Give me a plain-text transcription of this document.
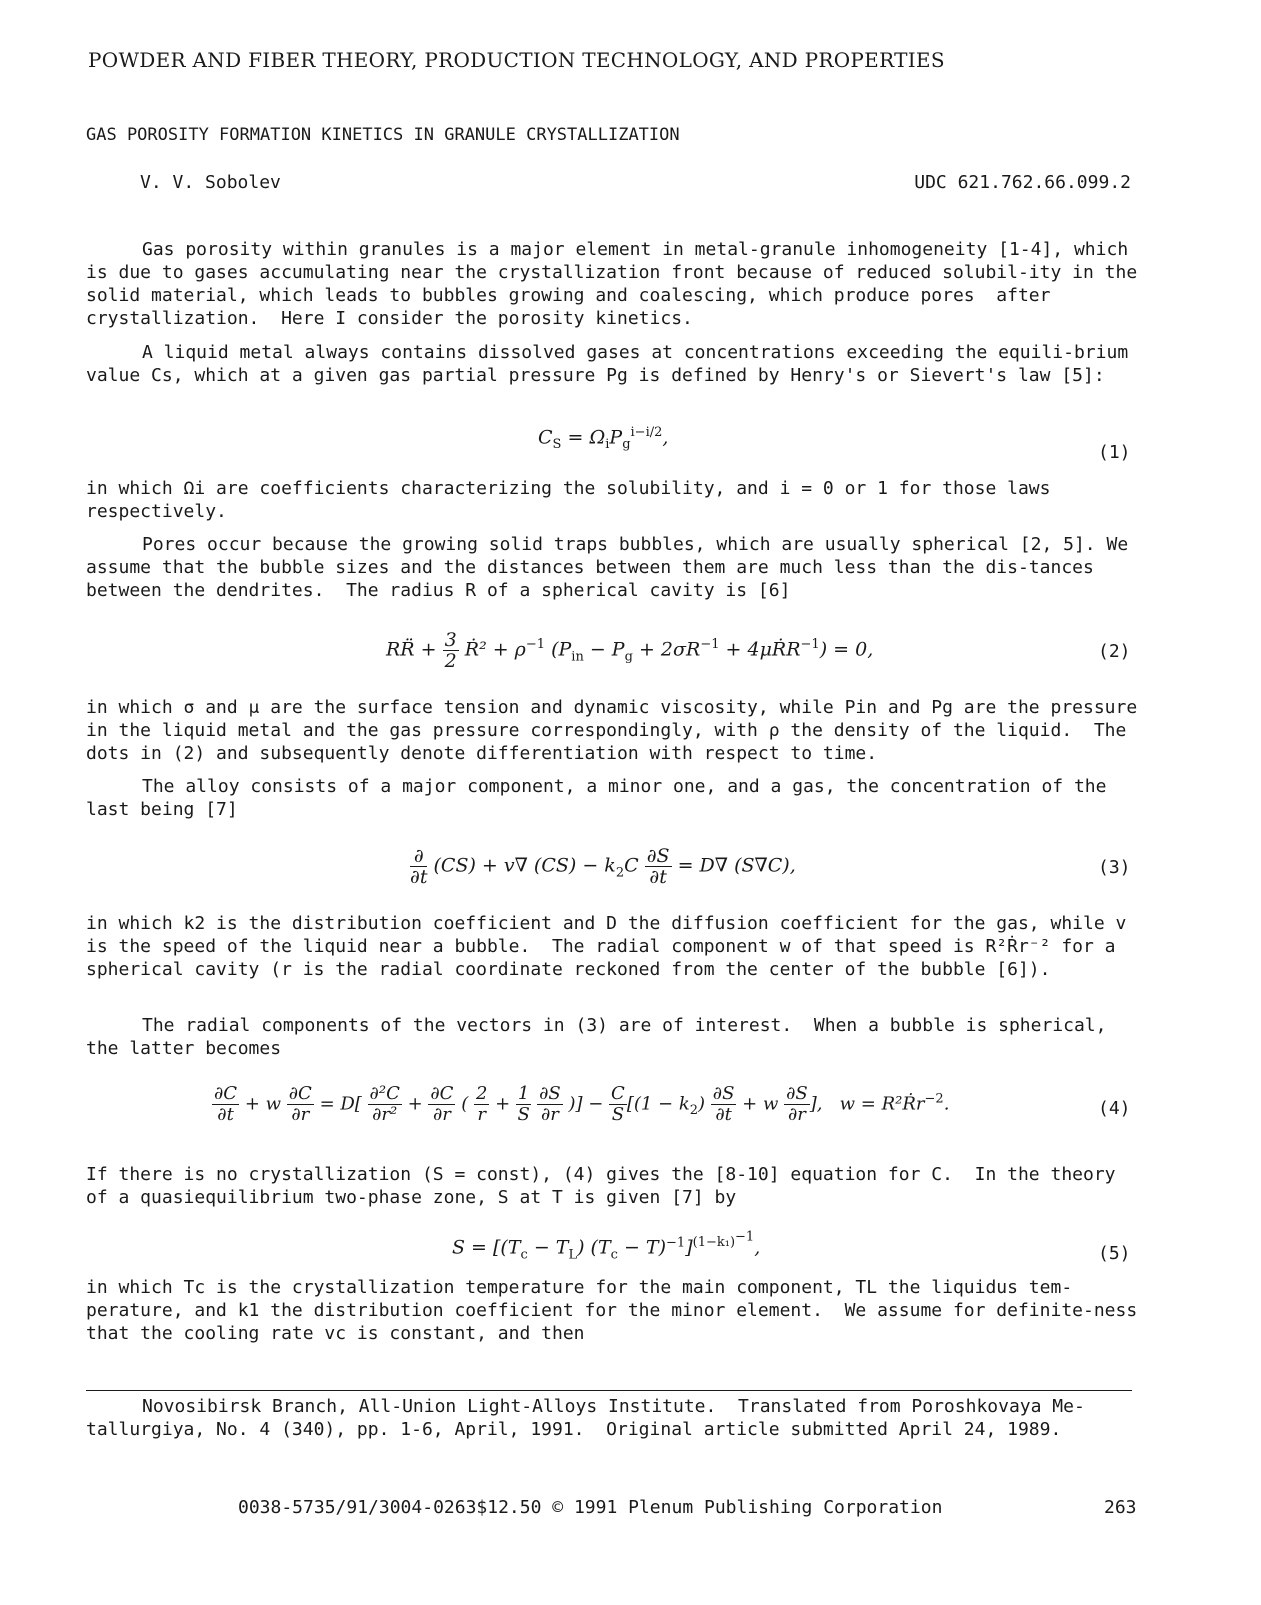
POWDER AND FIBER THEORY, PRODUCTION TECHNOLOGY, AND PROPERTIES
GAS POROSITY FORMATION KINETICS IN GRANULE CRYSTALLIZATION
V. V. Sobolev	UDC 621.762.66.099.2
Gas porosity within granules is a major element in metal-granule inhomogeneity [1-4], which is due to gases accumulating near the crystallization front because of reduced solubil-ity in the solid material, which leads to bubbles growing and coalescing, which produce pores  after crystallization.  Here I consider the porosity kinetics.
A liquid metal always contains dissolved gases at concentrations exceeding the equili-brium value Cs, which at a given gas partial pressure Pg is defined by Henry's or Sievert's law [5]:
$C_S = \Omega_iP_g^{i-i/2}$,
(1)
in which Ωi are coefficients characterizing the solubility, and i = 0 or 1 for those laws respectively.
Pores occur because the growing solid traps bubbles, which are usually spherical [2, 5]. We assume that the bubble sizes and the distances between them are much less than the dis-tances between the dendrites.  The radius R of a spherical cavity is [6]
RR̈ + $\frac{3}{2}$ Ṙ² + $\rho^{-1}$ ($P_{in} - P_g + 2\sigma R^{-1}$ + 4μṘR$^{-1}$) = 0,	(2)
in which σ and μ are the surface tension and dynamic viscosity, while Pin and Pg are the pressure in the liquid metal and the gas pressure correspondingly, with ρ the density of the liquid.  The dots in (2) and subsequently denote differentiation with respect to time.
The alloy consists of a major component, a minor one, and a gas, the concentration of the last being [7]
$\frac{\partial}{\partial t} (CS) + v\nabla$ $(CS) - k_2C \frac{\partial S}{\partial t} = D\nabla$ (S∇C),	(3)
in which k2 is the distribution coefficient and D the diffusion coefficient for the gas, while v is the speed of the liquid near a bubble.  The radial component w of that speed is R²Ṙr⁻² for a spherical cavity (r is the radial coordinate reckoned from the center of the bubble [6]).
The radial components of the vectors in (3) are of interest.  When a bubble is spherical, the latter becomes
$\frac{\partial C}{\partial t} + w \frac{\partial C}{\partial r} = D[ \frac{\text{∂²C}}{\text{∂r²}} + \frac{\partial C}{\partial r}$ ( $\frac{2}{r} + \frac{1}{S}$
$\frac{\partial S}{\partial r}$ )] − $\frac{C}{S} [(1 - k_2) \frac{\partial S}{\partial t} + w \frac{\partial S}{\partial r}$ ],   w = R²Ṙr$^{-2}$.	(4)
If there is no crystallization (S = const), (4) gives the [8-10] equation for C.  In the theory of a quasiequilibrium two-phase zone, S at T is given [7] by
$S = [(T_c - T_L) (T_c - T)^{-1}]^{(1-k_1)^{-1}}$,	(5)
in which Tc is the crystallization temperature for the main component, TL the liquidus tem-perature, and k1 the distribution coefficient for the minor element.  We assume for definite-ness that the cooling rate vc is constant, and then
Novosibirsk Branch, All-Union Light-Alloys Institute.  Translated from Poroshkovaya Me-tallurgiya, No. 4 (340), pp. 1-6, April, 1991.  Original article submitted April 24, 1989.
0038-5735/91/3004-0263$12.50 © 1991 Plenum Publishing Corporation	263
